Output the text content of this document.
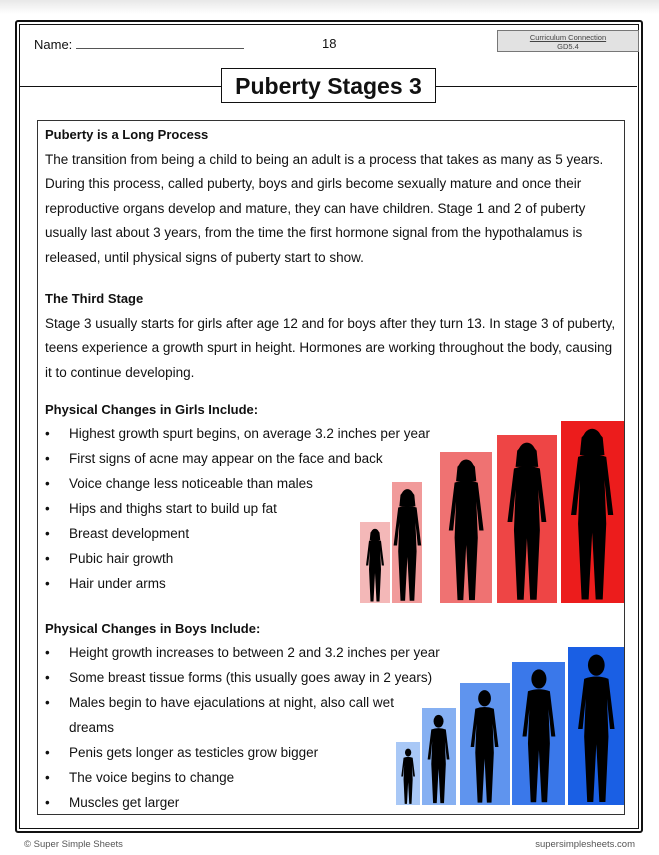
Name:	18	Curriculum Connection
GD5.4
Puberty Stages 3
Puberty is a Long Process

The transition from being a child to being an adult is a process that takes as many as 5 years. During this process, called puberty, boys and girls become sexually mature and once their reproductive organs develop and mature, they can have children. Stage 1 and 2 of puberty usually last about 3 years, from the time the first hormone signal from the hypothalamus is released, until physical signs of puberty start to show.

The Third Stage

Stage 3 usually starts for girls after age 12 and for boys after they turn 13. In stage 3 of puberty, teens experience a growth spurt in height. Hormones are working throughout the body, causing it to continue developing.

Physical Changes in Girls Include:
• Highest growth spurt begins, on average 3.2 inches per year
• First signs of acne may appear on the face and back
• Voice change less noticeable than males
• Hips and thighs start to build up fat
• Breast development
• Pubic hair growth
• Hair under arms
Physical Changes in Boys Include:
• Height growth increases to between 2 and 3.2 inches per year
• Some breast tissue forms (this usually goes away in 2 years)
• Males begin to have ejaculations at night, also call wet dreams
• Penis gets longer as testicles grow bigger
• The voice begins to change
• Muscles get larger
© Super Simple Sheets	supersimplesheets.com
